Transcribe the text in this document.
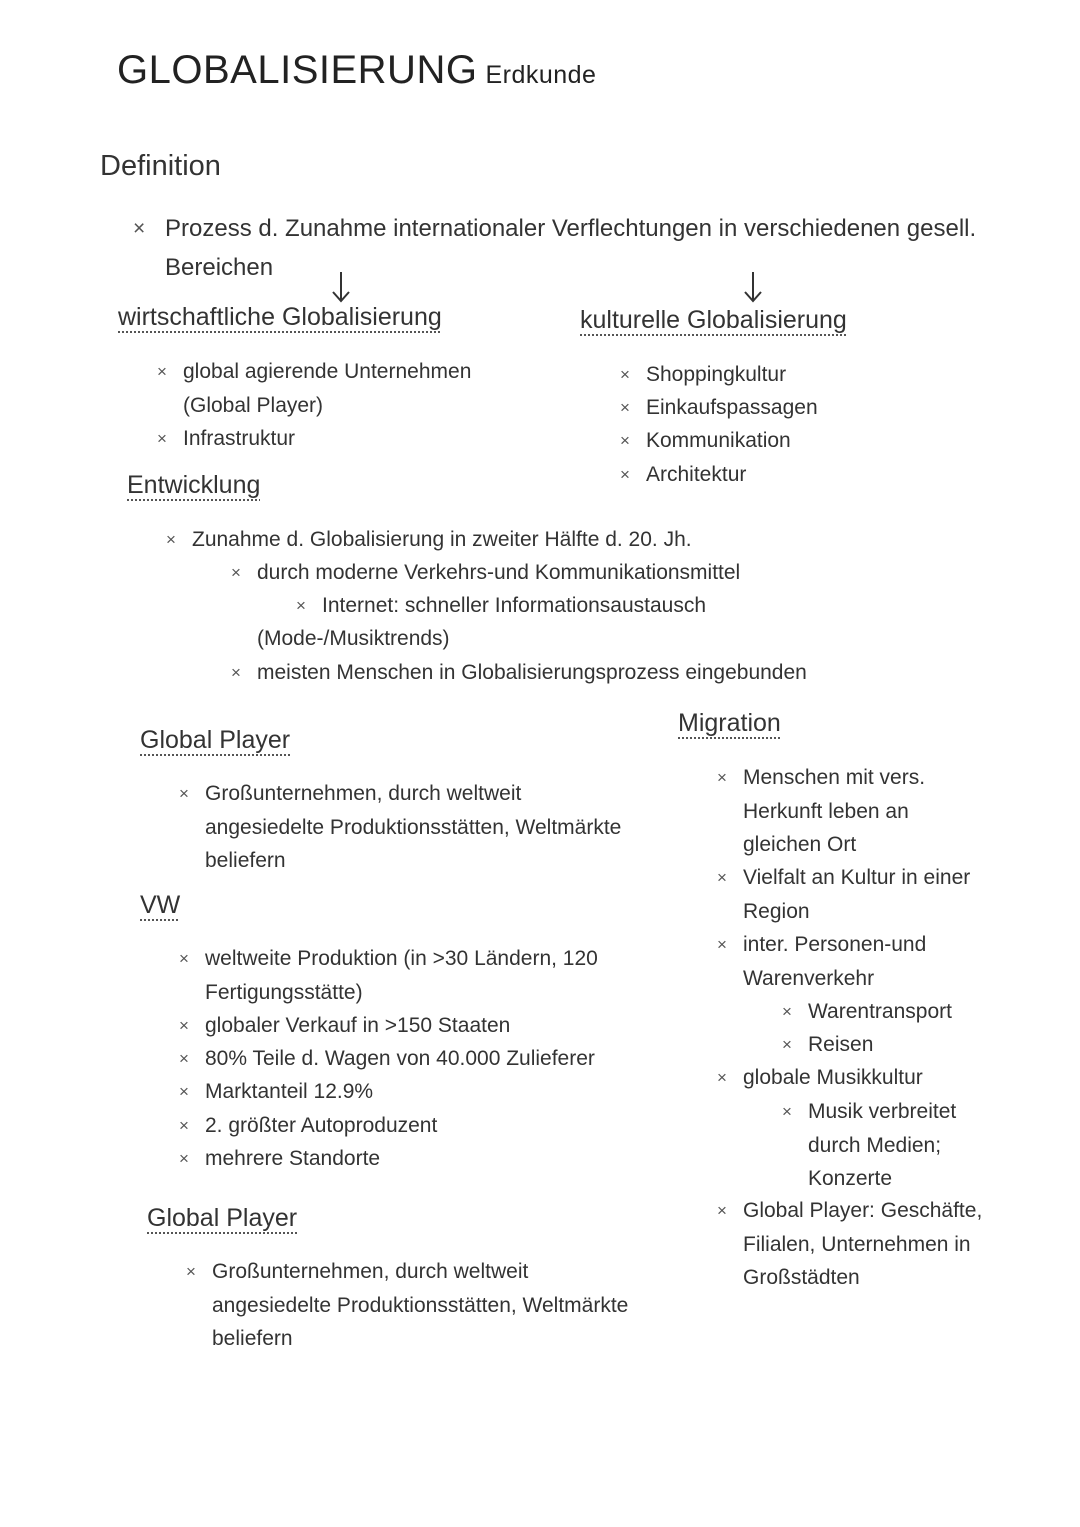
GLOBALISIERUNG Erdkunde
Definition
× Prozess d. Zunahme internationaler Verflechtungen in verschiedenen gesell.
Bereichen
wirtschaftliche Globalisierung
× global agierende Unternehmen
(Global Player)
× Infrastruktur
kulturelle Globalisierung
× Shoppingkultur
× Einkaufspassagen
× Kommunikation
× Architektur
Entwicklung
× Zunahme d. Globalisierung in zweiter Hälfte d. 20. Jh.
× durch moderne Verkehrs-und Kommunikationsmittel
× Internet: schneller Informationsaustausch
(Mode-/Musiktrends)
× meisten Menschen in Globalisierungsprozess eingebunden
Global Player
× Großunternehmen, durch weltweit
angesiedelte Produktionsstätten, Weltmärkte
beliefern
VW
× weltweite Produktion (in >30 Ländern, 120
Fertigungsstätte)
× globaler Verkauf in >150 Staaten
× 80% Teile d. Wagen von 40.000 Zulieferer
× Marktanteil 12.9%
× 2. größter Autoproduzent
× mehrere Standorte
Global Player
× Großunternehmen, durch weltweit
angesiedelte Produktionsstätten, Weltmärkte
beliefern
Migration
× Menschen mit vers.
Herkunft leben an
gleichen Ort
× Vielfalt an Kultur in einer
Region
× inter. Personen-und
Warenverkehr
× Warentransport
× Reisen
× globale Musikkultur
× Musik verbreitet
durch Medien;
Konzerte
× Global Player: Geschäfte,
Filialen, Unternehmen in
Großstädten
